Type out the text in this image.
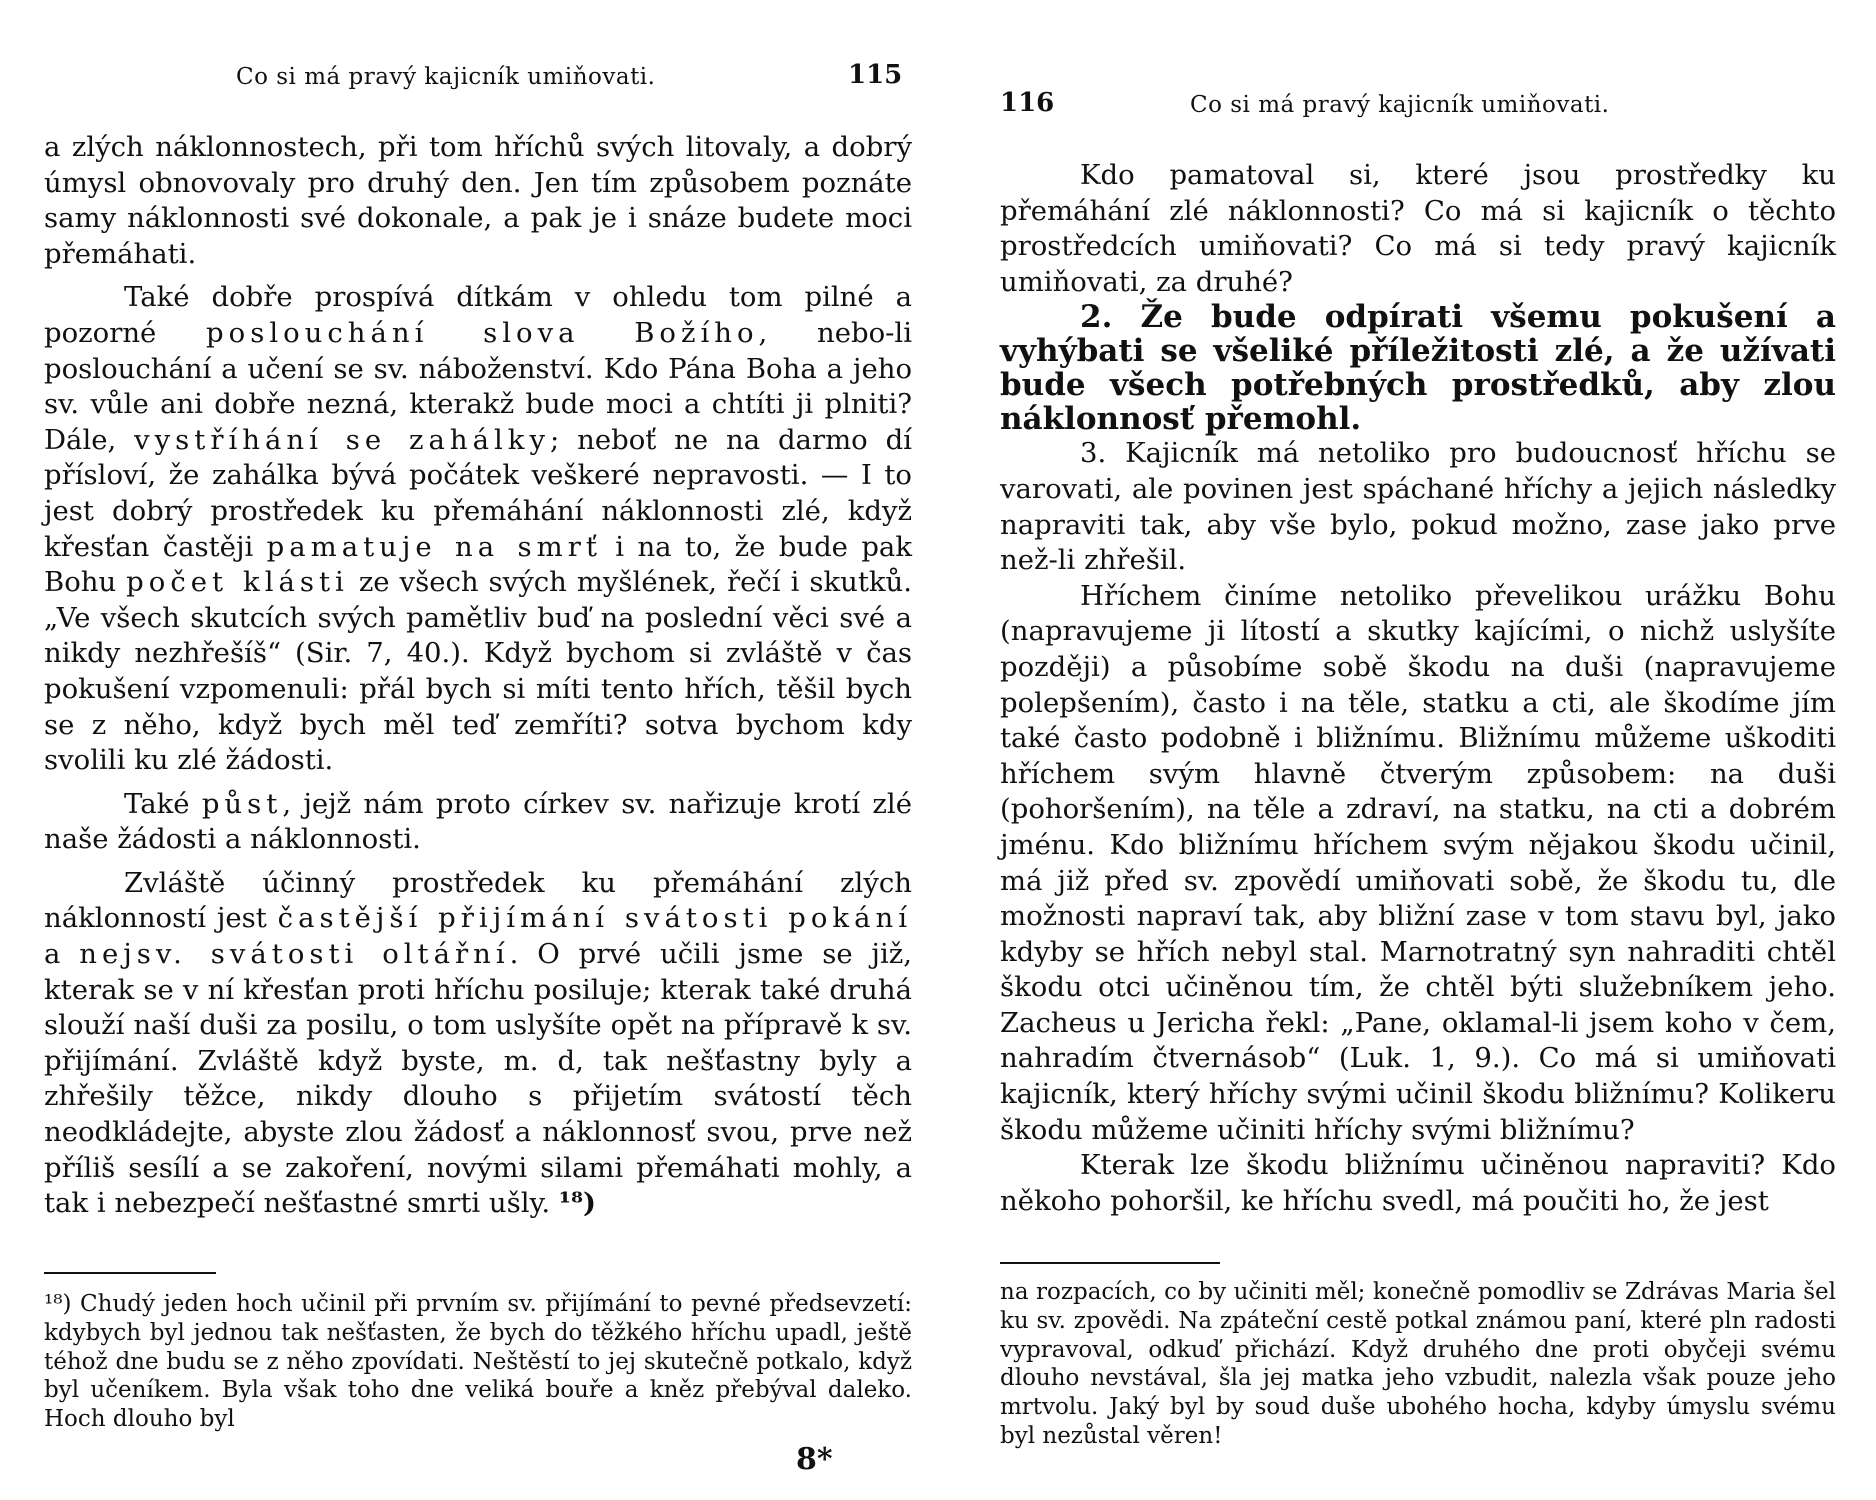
Co si má pravý kajicník umiňovati.	115

a zlých náklonnostech, při tom hříchů svých litovaly, a dobrý úmysl obnovovaly pro druhý den. Jen tím způsobem poznáte samy náklonnosti své dokonale, a pak je i snáze budete moci přemáhati.

Také dobře prospívá dítkám v ohledu tom pilné a pozorné poslouchání slova Božího, nebo-li poslouchání a učení se sv. náboženství. Kdo Pána Boha a jeho sv. vůle ani dobře nezná, kterakž bude moci a chtíti ji plniti? Dále, vystříhání se zahálky; neboť ne na darmo dí přísloví, že zahálka bývá počátek veškeré nepravosti. — I to jest dobrý prostředek ku přemáhání náklonnosti zlé, když křesťan častěji pamatuje na smrť i na to, že bude pak Bohu počet klásti ze všech svých myšlének, řečí i skutků. „Ve všech skutcích svých pamětliv buď na poslední věci své a nikdy nezhřešíš“ (Sir. 7, 40.). Když bychom si zvláště v čas pokušení vzpomenuli: přál bych si míti tento hřích, těšil bych se z něho, když bych měl teď zemříti? sotva bychom kdy svolili ku zlé žádosti.

Také půst, jejž nám proto církev sv. nařizuje krotí zlé naše žádosti a náklonnosti.

Zvláště účinný prostředek ku přemáhání zlých náklonností jest častější přijímání svátosti pokání a nejsv. svátosti oltářní. O prvé učili jsme se již, kterak se v ní křesťan proti hříchu posiluje; kterak také druhá slouží naší duši za posilu, o tom uslyšíte opět na přípravě k sv. přijímání. Zvláště když byste, m. d, tak nešťastny byly a zhřešily těžce, nikdy dlouho s přijetím svátostí těch neodkládejte, abyste zlou žádosť a náklonnosť svou, prve než příliš sesílí a se zakoření, novými silami přemáhati mohly, a tak i nebezpečí nešťastné smrti ušly. ¹⁸)

¹⁸) Chudý jeden hoch učinil při prvním sv. přijímání to pevné předsevzetí: kdybych byl jednou tak nešťasten, že bych do těžkého hříchu upadl, ještě téhož dne budu se z něho zpovídati. Neštěstí to jej skutečně potkalo, když byl učeníkem. Byla však toho dne veliká bouře a kněz přebýval daleko. Hoch dlouho byl

8*
116	Co si má pravý kajicník umiňovati.

Kdo pamatoval si, které jsou prostředky ku přemáhání zlé náklonnosti? Co má si kajicník o těchto prostředcích umiňovati? Co má si tedy pravý kajicník umiňovati, za druhé?

2. Že bude odpírati všemu pokušení a vyhýbati se všeliké příležitosti zlé, a že užívati bude všech potřebných prostředků, aby zlou náklonnosť přemohl.

3. Kajicník má netoliko pro budoucnosť hříchu se varovati, ale povinen jest spáchané hříchy a jejich následky napraviti tak, aby vše bylo, pokud možno, zase jako prve než-li zhřešil.

Hříchem činíme netoliko převelikou urážku Bohu (napravujeme ji lítostí a skutky kajícími, o nichž uslyšíte později) a působíme sobě škodu na duši (napravujeme polepšením), často i na těle, statku a cti, ale škodíme jím také často podobně i bližnímu. Bližnímu můžeme uškoditi hříchem svým hlavně čtverým způsobem: na duši (pohoršením), na těle a zdraví, na statku, na cti a dobrém jménu. Kdo bližnímu hříchem svým nějakou škodu učinil, má již před sv. zpovědí umiňovati sobě, že škodu tu, dle možnosti napraví tak, aby bližní zase v tom stavu byl, jako kdyby se hřích nebyl stal. Marnotratný syn nahraditi chtěl škodu otci učiněnou tím, že chtěl býti služebníkem jeho. Zacheus u Jericha řekl: „Pane, oklamal-li jsem koho v čem, nahradím čtvernásob“ (Luk. 1, 9.). Co má si umiňovati kajicník, který hříchy svými učinil škodu bližnímu? Kolikeru škodu můžeme učiniti hříchy svými bližnímu?

Kterak lze škodu bližnímu učiněnou napraviti? Kdo někoho pohoršil, ke hříchu svedl, má poučiti ho, že jest

na rozpacích, co by učiniti měl; konečně pomodliv se Zdrávas Maria šel ku sv. zpovědi. Na zpáteční cestě potkal známou paní, které pln radosti vypravoval, odkuď přichází. Když druhého dne proti obyčeji svému dlouho nevstával, šla jej matka jeho vzbudit, nalezla však pouze jeho mrtvolu. Jaký byl by soud duše ubohého hocha, kdyby úmyslu svému byl nezůstal věren!
